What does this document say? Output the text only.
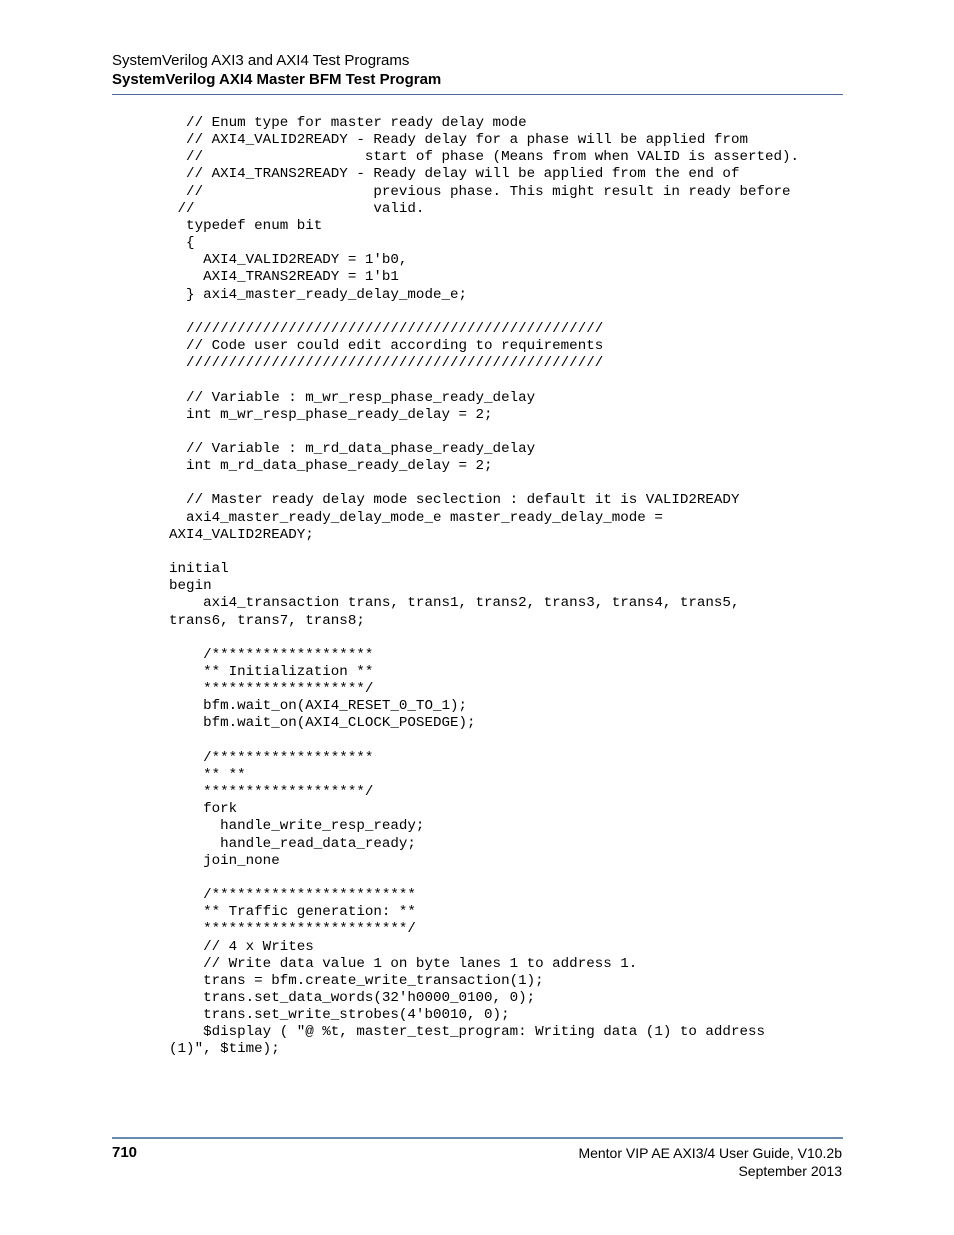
SystemVerilog AXI3 and AXI4 Test Programs
SystemVerilog AXI4 Master BFM Test Program
// Enum type for master ready delay mode
// AXI4_VALID2READY - Ready delay for a phase will be applied from
//                   start of phase (Means from when VALID is asserted).
// AXI4_TRANS2READY - Ready delay will be applied from the end of
//                    previous phase. This might result in ready before
//                     valid.
typedef enum bit
{
AXI4_VALID2READY = 1'b0,
AXI4_TRANS2READY = 1'b1
} axi4_master_ready_delay_mode_e;

/////////////////////////////////////////////////
// Code user could edit according to requirements
/////////////////////////////////////////////////

// Variable : m_wr_resp_phase_ready_delay
int m_wr_resp_phase_ready_delay = 2;

// Variable : m_rd_data_phase_ready_delay
int m_rd_data_phase_ready_delay = 2;

// Master ready delay mode seclection : default it is VALID2READY
axi4_master_ready_delay_mode_e master_ready_delay_mode =
AXI4_VALID2READY;

initial
begin
axi4_transaction trans, trans1, trans2, trans3, trans4, trans5,
trans6, trans7, trans8;

/*******************
** Initialization **
*******************/
bfm.wait_on(AXI4_RESET_0_TO_1);
bfm.wait_on(AXI4_CLOCK_POSEDGE);

/*******************
** **
*******************/
fork
handle_write_resp_ready;
handle_read_data_ready;
join_none

/************************
** Traffic generation: **
************************/
// 4 x Writes
// Write data value 1 on byte lanes 1 to address 1.
trans = bfm.create_write_transaction(1);
trans.set_data_words(32'h0000_0100, 0);
trans.set_write_strobes(4'b0010, 0);
$display ( "@ %t, master_test_program: Writing data (1) to address
(1)", $time);
710	Mentor VIP AE AXI3/4 User Guide, V10.2b
September 2013
